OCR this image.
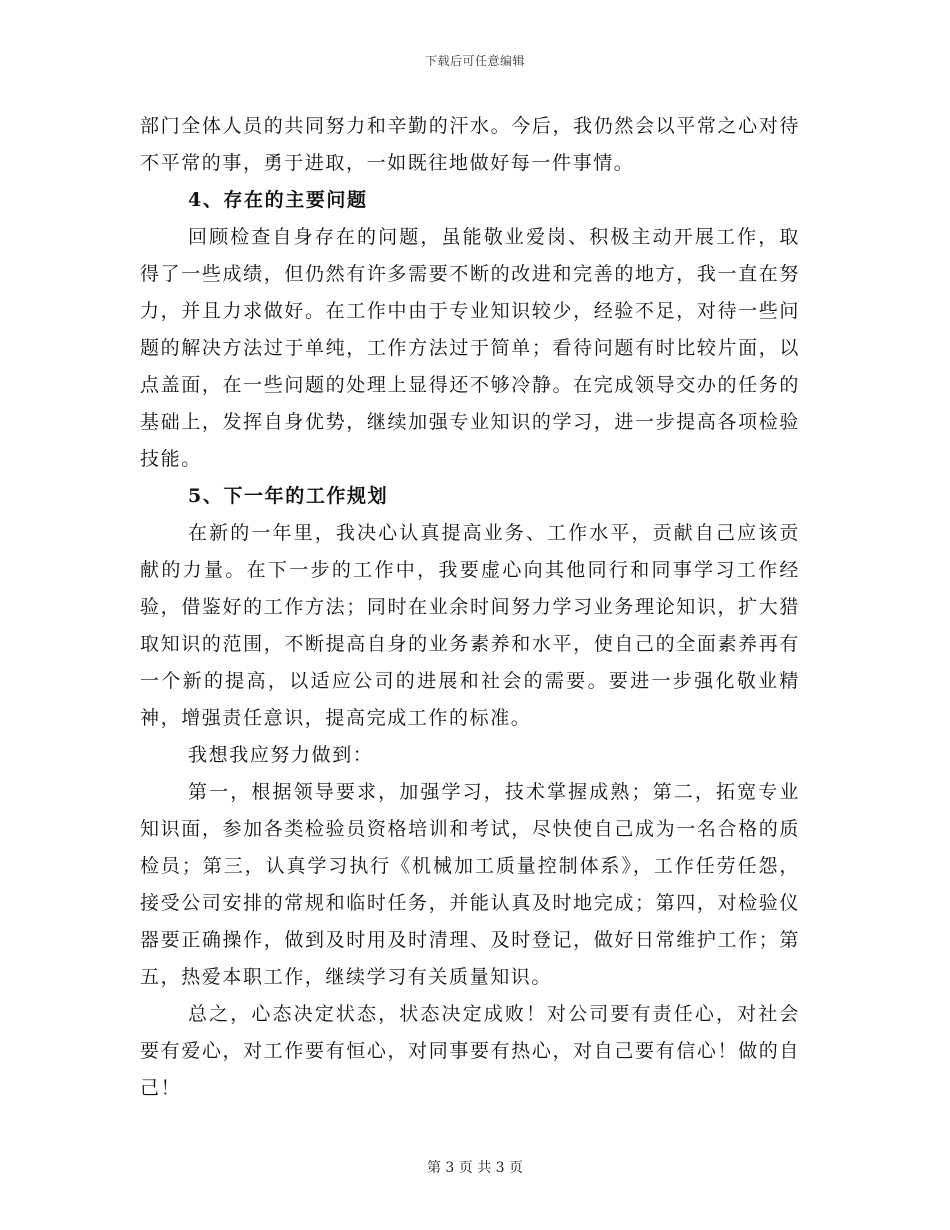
下载后可任意编辑

部门全体人员的共同努力和辛勤的汗水。今后，我仍然会以平常之心对待不平常的事，勇于进取，一如既往地做好每一件事情。

4、存在的主要问题

回顾检查自身存在的问题，虽能敬业爱岗、积极主动开展工作，取得了一些成绩，但仍然有许多需要不断的改进和完善的地方，我一直在努力，并且力求做好。在工作中由于专业知识较少，经验不足，对待一些问题的解决方法过于单纯，工作方法过于简单；看待问题有时比较片面，以点盖面，在一些问题的处理上显得还不够冷静。在完成领导交办的任务的基础上，发挥自身优势，继续加强专业知识的学习，进一步提高各项检验技能。

5、下一年的工作规划

在新的一年里，我决心认真提高业务、工作水平，贡献自己应该贡献的力量。在下一步的工作中，我要虚心向其他同行和同事学习工作经验，借鉴好的工作方法；同时在业余时间努力学习业务理论知识，扩大猎取知识的范围，不断提高自身的业务素养和水平，使自己的全面素养再有一个新的提高，以适应公司的进展和社会的需要。要进一步强化敬业精神，增强责任意识，提高完成工作的标准。

我想我应努力做到：

第一，根据领导要求，加强学习，技术掌握成熟；第二，拓宽专业知识面，参加各类检验员资格培训和考试，尽快使自己成为一名合格的质检员；第三，认真学习执行《机械加工质量控制体系》，工作任劳任怨，接受公司安排的常规和临时任务，并能认真及时地完成；第四，对检验仪器要正确操作，做到及时用及时清理、及时登记，做好日常维护工作；第五，热爱本职工作，继续学习有关质量知识。

总之，心态决定状态，状态决定成败！对公司要有责任心，对社会要有爱心，对工作要有恒心，对同事要有热心，对自己要有信心！做的自己！

第 3 页 共 3 页
